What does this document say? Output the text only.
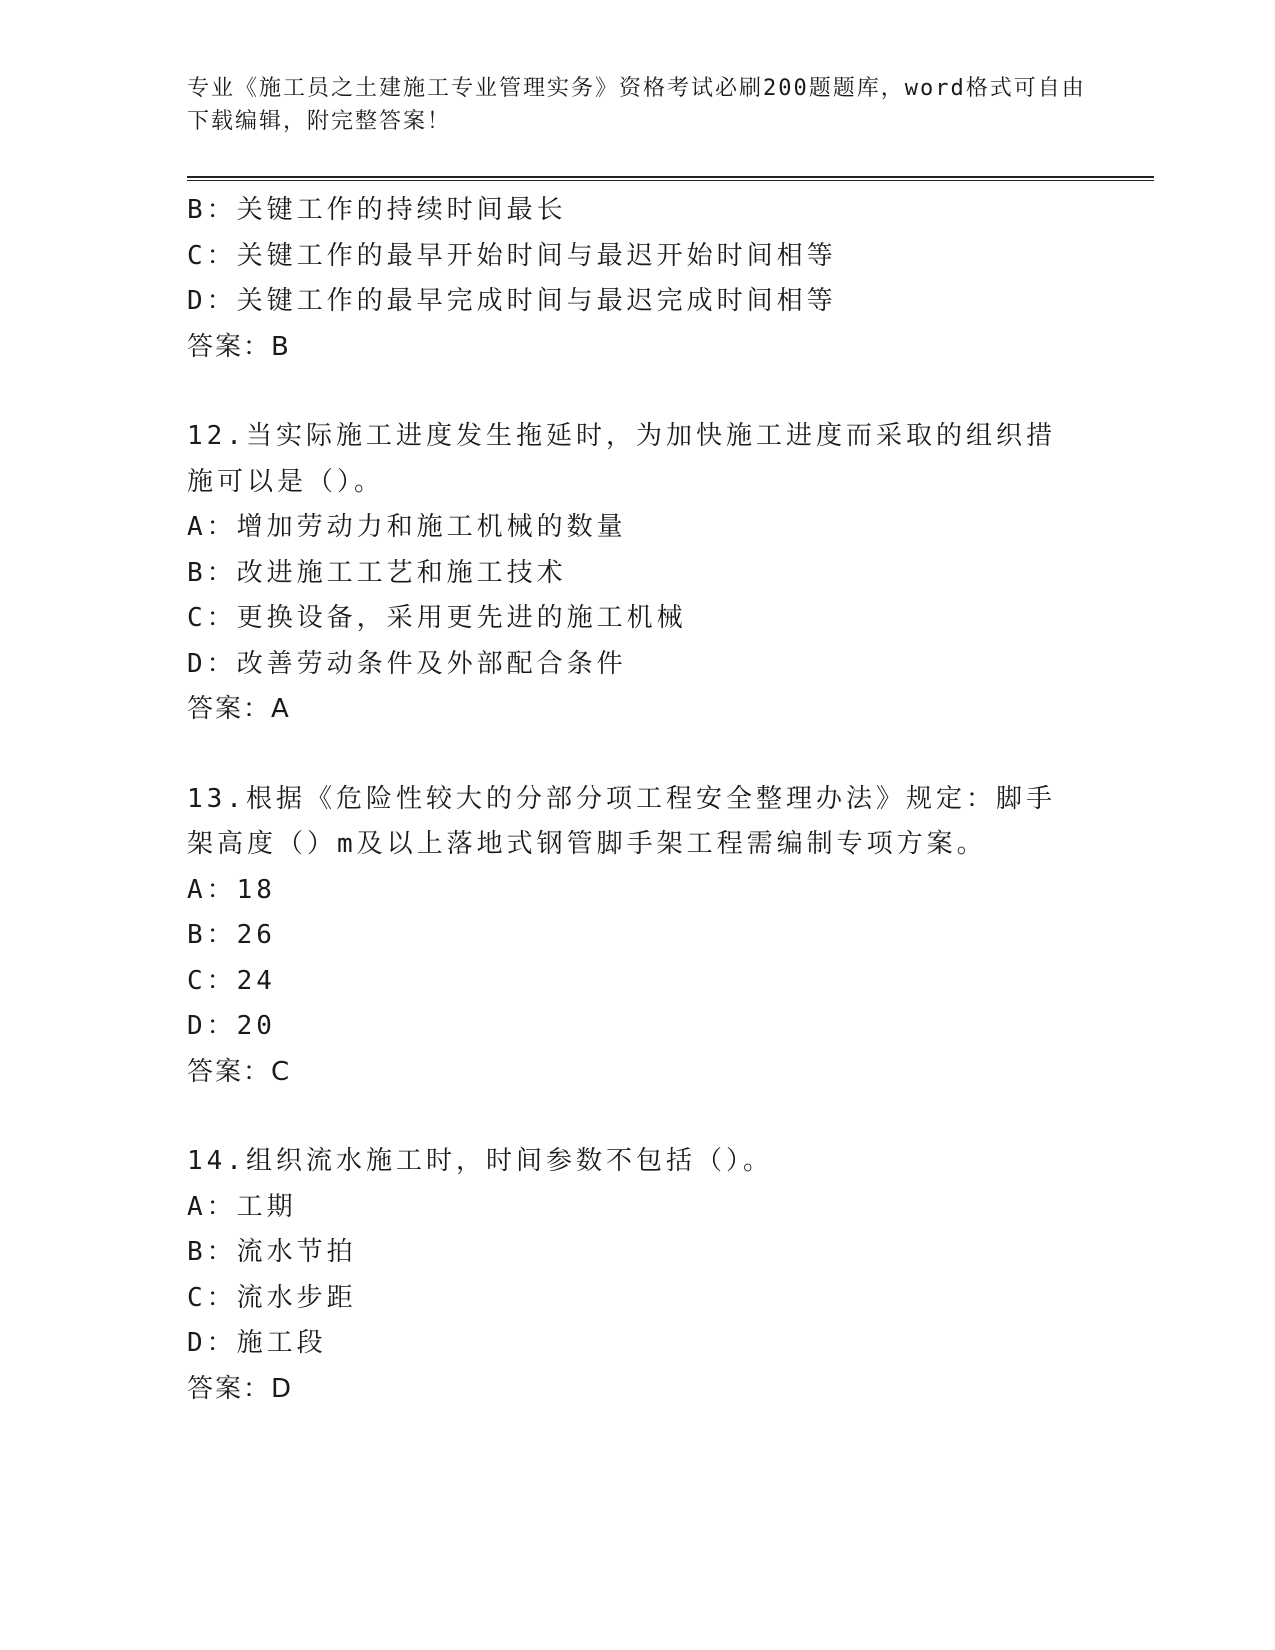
专业《施工员之土建施工专业管理实务》资格考试必刷200题题库，word格式可自由下载编辑，附完整答案！

B：关键工作的持续时间最长
C：关键工作的最早开始时间与最迟开始时间相等
D：关键工作的最早完成时间与最迟完成时间相等
答案：B
12.当实际施工进度发生拖延时，为加快施工进度而采取的组织措施可以是（）。
A：增加劳动力和施工机械的数量
B：改进施工工艺和施工技术
C：更换设备，采用更先进的施工机械
D：改善劳动条件及外部配合条件
答案：A
13.根据《危险性较大的分部分项工程安全整理办法》规定：脚手架高度（）m及以上落地式钢管脚手架工程需编制专项方案。
A：18
B：26
C：24
D：20
答案：C
14.组织流水施工时，时间参数不包括（）。
A：工期
B：流水节拍
C：流水步距
D：施工段
答案：D
